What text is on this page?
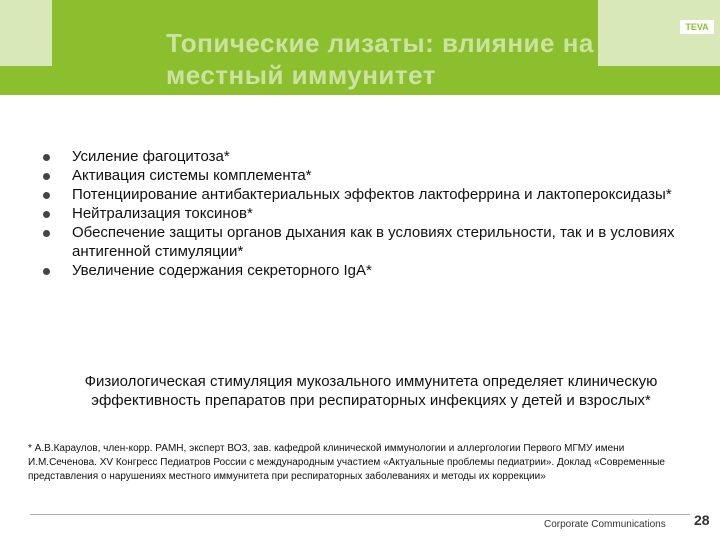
TEVA
Топические лизаты: влияние на
местный иммунитет
Усиление фагоцитоза*
Активация системы комплемента*
Потенциирование антибактериальных эффектов лактоферрина и лактопероксидазы*
Нейтрализация токсинов*
Обеспечение защиты органов дыхания как в условиях стерильности, так и в условиях антигенной стимуляции*
Увеличение содержания секреторного IgA*
Физиологическая стимуляция мукозального иммунитета определяет клиническую эффективность препаратов при респираторных инфекциях у детей и взрослых*
* А.В.Караулов, член-корр. РАМН, эксперт ВОЗ, зав. кафедрой клинической иммунологии и аллергологии Первого МГМУ имени И.М.Сеченова. XV Конгресс Педиатров России с международным участием «Актуальные проблемы педиатрии». Доклад «Современные представления о нарушениях местного иммунитета при респираторных заболеваниях и методы их коррекции»
Corporate Communications 28
